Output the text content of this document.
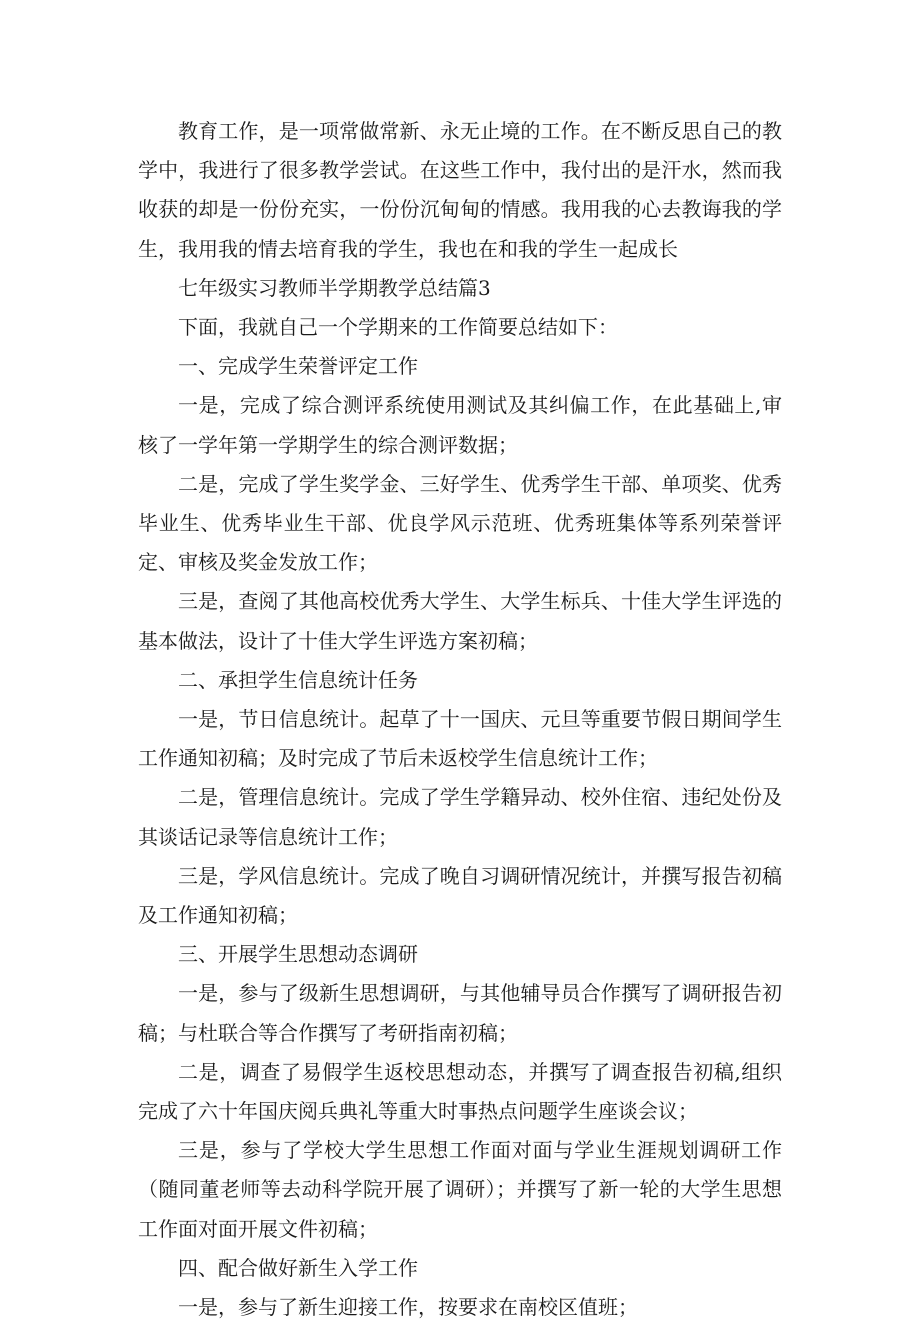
教育工作，是一项常做常新、永无止境的工作。在不断反思自己的教学中，我进行了很多教学尝试。在这些工作中，我付出的是汗水，然而我收获的却是一份份充实，一份份沉甸甸的情感。我用我的心去教诲我的学生，我用我的情去培育我的学生，我也在和我的学生一起成长

七年级实习教师半学期教学总结篇3

下面，我就自己一个学期来的工作简要总结如下：

一、完成学生荣誉评定工作

一是，完成了综合测评系统使用测试及其纠偏工作，在此基础上,审核了一学年第一学期学生的综合测评数据；

二是，完成了学生奖学金、三好学生、优秀学生干部、单项奖、优秀毕业生、优秀毕业生干部、优良学风示范班、优秀班集体等系列荣誉评定、审核及奖金发放工作；

三是，查阅了其他高校优秀大学生、大学生标兵、十佳大学生评选的基本做法，设计了十佳大学生评选方案初稿；

二、承担学生信息统计任务

一是，节日信息统计。起草了十一国庆、元旦等重要节假日期间学生工作通知初稿；及时完成了节后未返校学生信息统计工作；

二是，管理信息统计。完成了学生学籍异动、校外住宿、违纪处份及其谈话记录等信息统计工作；

三是，学风信息统计。完成了晚自习调研情况统计，并撰写报告初稿及工作通知初稿；

三、开展学生思想动态调研

一是，参与了级新生思想调研，与其他辅导员合作撰写了调研报告初稿；与杜联合等合作撰写了考研指南初稿；

二是，调查了易假学生返校思想动态，并撰写了调查报告初稿,组织完成了六十年国庆阅兵典礼等重大时事热点问题学生座谈会议；

三是，参与了学校大学生思想工作面对面与学业生涯规划调研工作（随同董老师等去动科学院开展了调研）；并撰写了新一轮的大学生思想工作面对面开展文件初稿；

四、配合做好新生入学工作

一是，参与了新生迎接工作，按要求在南校区值班；
